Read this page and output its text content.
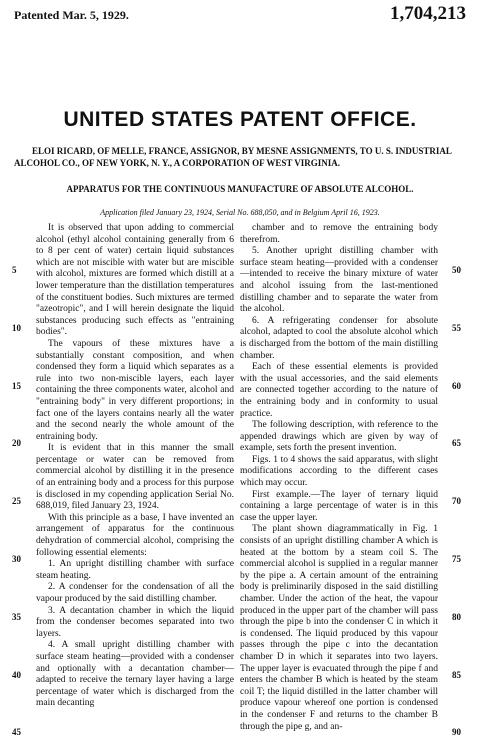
Patented Mar. 5, 1929.	1,704,213
UNITED STATES PATENT OFFICE.
ELOI RICARD, OF MELLE, FRANCE, ASSIGNOR, BY MESNE ASSIGNMENTS, TO U. S. INDUSTRIAL ALCOHOL CO., OF NEW YORK, N. Y., A CORPORATION OF WEST VIRGINIA.
APPARATUS FOR THE CONTINUOUS MANUFACTURE OF ABSOLUTE ALCOHOL.
Application filed January 23, 1924, Serial No. 688,050, and in Belgium April 16, 1923.

It is observed that upon adding to commercial alcohol (ethyl alcohol containing generally from 6 to 8 per cent of water) certain liquid substances which are not miscible with water but are miscible with alcohol, mixtures are formed which distill at a lower temperature than the distillation temperatures of the constituent bodies. Such mixtures are termed "azeotropic", and I will herein designate the liquid substances producing such effects as "entraining bodies".

The vapours of these mixtures have a substantially constant composition, and when condensed they form a liquid which separates as a rule into two non-miscible layers, each layer containing the three components water, alcohol and "entraining body" in very different proportions; in fact one of the layers contains nearly all the water and the second nearly the whole amount of the entraining body.

It is evident that in this manner the small percentage or water can be removed from commercial alcohol by distilling it in the presence of an entraining body and a process for this purpose is disclosed in my copending application Serial No. 688,019, filed January 23, 1924.

With this principle as a base, I have invented an arrangement of apparatus for the continuous dehydration of commercial alcohol, comprising the following essential elements:

1. An upright distilling chamber with surface steam heating.

2. A condenser for the condensation of all the vapour produced by the said distilling chamber.

3. A decantation chamber in which the liquid from the condenser becomes separated into two layers.

4. A small upright distilling chamber with surface steam heating—provided with a condenser and optionally with a decantation chamber—adapted to receive the ternary layer having a large percentage of water which is discharged from the main decanting

chamber and to remove the entraining body therefrom.

5. Another upright distilling chamber with surface steam heating—provided with a condenser—intended to receive the binary mixture of water and alcohol issuing from the last-mentioned distilling chamber and to separate the water from the alcohol.

6. A refrigerating condenser for absolute alcohol, adapted to cool the absolute alcohol which is discharged from the bottom of the main distilling chamber.

Each of these essential elements is provided with the usual accessories, and the said elements are connected together according to the nature of the entraining body and in conformity to usual practice.

The following description, with reference to the appended drawings which are given by way of example, sets forth the present invention.

Figs. 1 to 4 shows the said apparatus, with slight modifications according to the different cases which may occur.

First example.—The layer of ternary liquid containing a large percentage of water is in this case the upper layer.

The plant shown diagrammatically in Fig. 1 consists of an upright distilling chamber A which is heated at the bottom by a steam coil S. The commercial alcohol is supplied in a regular manner by the pipe a. A certain amount of the entraining body is preliminarily disposed in the said distilling chamber. Under the action of the heat, the vapour produced in the upper part of the chamber will pass through the pipe b into the condenser C in which it is condensed. The liquid produced by this vapour passes through the pipe c into the decantation chamber D in which it separates into two layers. The upper layer is evacuated through the pipe f and enters the chamber B which is heated by the steam coil T; the liquid distilled in the latter chamber will produce vapour whereof one portion is condensed in the condenser F and returns to the chamber B through the pipe g, and an-

5
10
15
20
25
30
35
40
45
50
55
60
65
70
75
80
85
90
